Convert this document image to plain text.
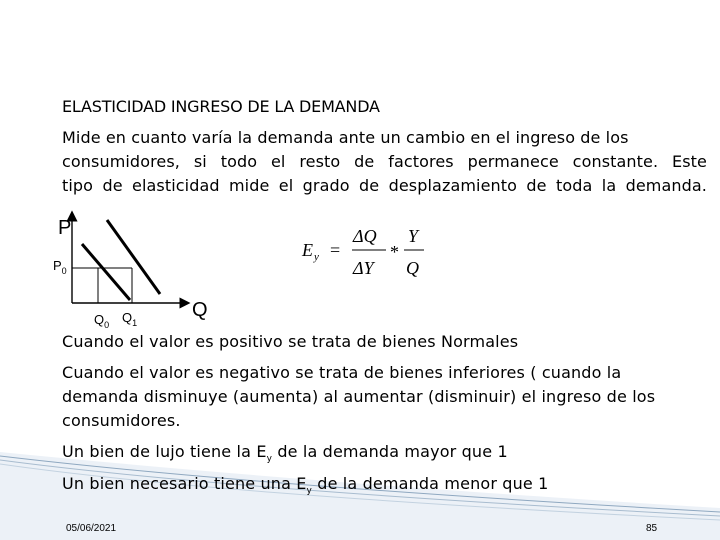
ELASTICIDAD INGRESO DE LA DEMANDA
Mide en cuanto varía la demanda ante un cambio en el ingreso de los
consumidores, si todo el resto de factores permanece constante. Este
tipo de elasticidad mide el grado de desplazamiento de toda la demanda.
P
Q
$P_0$
$Q_0$ $Q_1$
E y =
ΔQ
ΔY
*
Y
Q
Cuando el valor es positivo se trata de bienes Normales
Cuando el valor es negativo se trata de bienes inferiores ( cuando la
demanda disminuye (aumenta) al aumentar (disminuir) el ingreso de los
consumidores.
Un bien de lujo tiene la $E_y$ de la demanda mayor que 1
Un bien necesario tiene una $E_y$ de la demanda menor que 1
05/06/2021	85
